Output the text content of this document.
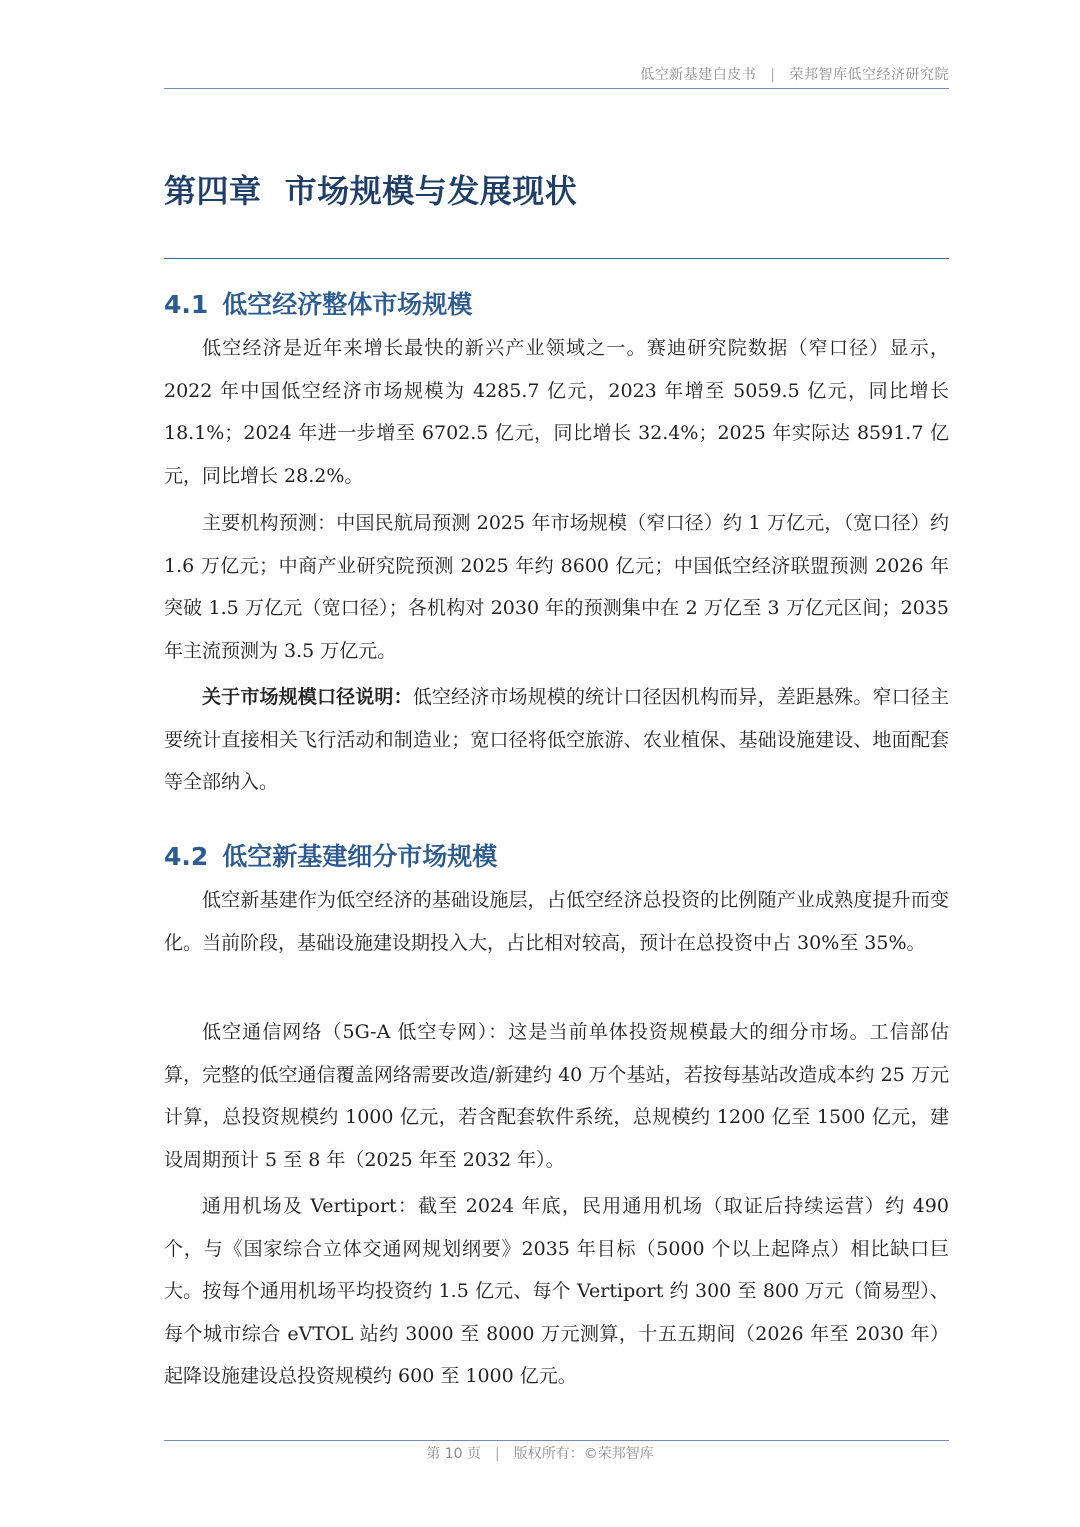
低空新基建白皮书 | 荣邦智库低空经济研究院
第四章  市场规模与发展现状
4.1 低空经济整体市场规模

低空经济是近年来增长最快的新兴产业领域之一。赛迪研究院数据（窄口径）显示，2022 年中国低空经济市场规模为 4285.7 亿元，2023 年增至 5059.5 亿元，同比增长 18.1%；2024 年进一步增至 6702.5 亿元，同比增长 32.4%；2025 年实际达 8591.7 亿元，同比增长 28.2%。

主要机构预测：中国民航局预测 2025 年市场规模（窄口径）约 1 万亿元，（宽口径）约 1.6 万亿元；中商产业研究院预测 2025 年约 8600 亿元；中国低空经济联盟预测 2026 年突破 1.5 万亿元（宽口径）；各机构对 2030 年的预测集中在 2 万亿至 3 万亿元区间；2035 年主流预测为 3.5 万亿元。

关于市场规模口径说明：低空经济市场规模的统计口径因机构而异，差距悬殊。窄口径主要统计直接相关飞行活动和制造业；宽口径将低空旅游、农业植保、基础设施建设、地面配套等全部纳入。

4.2 低空新基建细分市场规模

低空新基建作为低空经济的基础设施层，占低空经济总投资的比例随产业成熟度提升而变化。当前阶段，基础设施建设期投入大，占比相对较高，预计在总投资中占 30%至 35%。

低空通信网络（5G-A 低空专网）：这是当前单体投资规模最大的细分市场。工信部估算，完整的低空通信覆盖网络需要改造/新建约 40 万个基站，若按每基站改造成本约 25 万元计算，总投资规模约 1000 亿元，若含配套软件系统，总规模约 1200 亿至 1500 亿元，建设周期预计 5 至 8 年（2025 年至 2032 年）。

通用机场及 Vertiport：截至 2024 年底，民用通用机场（取证后持续运营）约 490 个，与《国家综合立体交通网规划纲要》2035 年目标（5000 个以上起降点）相比缺口巨大。按每个通用机场平均投资约 1.5 亿元、每个 Vertiport 约 300 至 800 万元（简易型）、每个城市综合 eVTOL 站约 3000 至 8000 万元测算，十五五期间（2026 年至 2030 年）起降设施建设总投资规模约 600 至 1000 亿元。

第 10 页 | 版权所有：©荣邦智库
